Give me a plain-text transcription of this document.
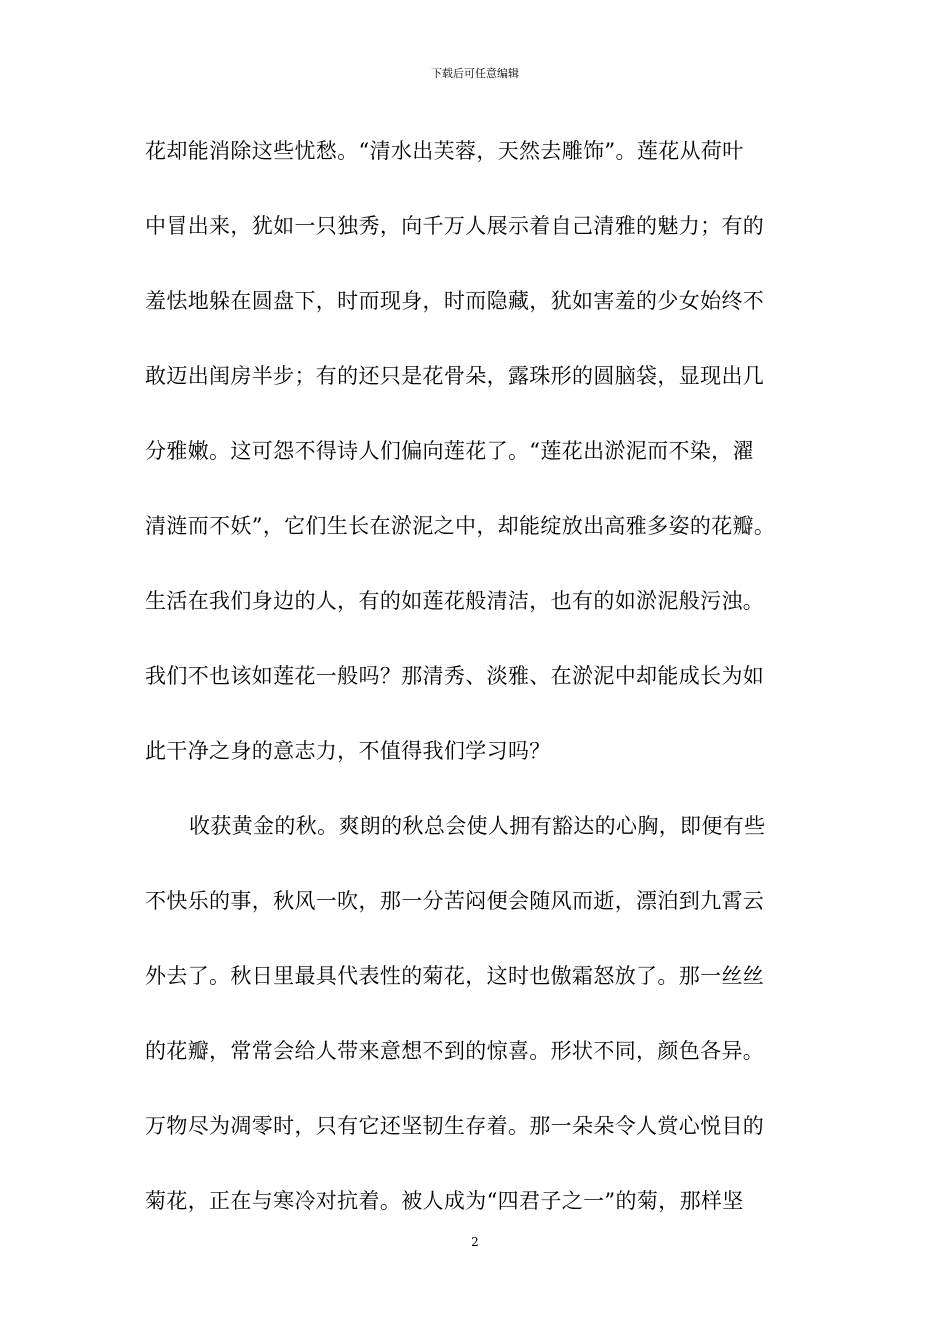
下载后可任意编辑
花却能消除这些忧愁。“清水出芙蓉，天然去雕饰”。莲花从荷叶
中冒出来，犹如一只独秀，向千万人展示着自己清雅的魅力；有的
羞怯地躲在圆盘下，时而现身，时而隐藏，犹如害羞的少女始终不
敢迈出闺房半步；有的还只是花骨朵，露珠形的圆脑袋，显现出几
分雅嫩。这可怨不得诗人们偏向莲花了。“莲花出淤泥而不染，濯
清涟而不妖”，它们生长在淤泥之中，却能绽放出高雅多姿的花瓣。
生活在我们身边的人，有的如莲花般清洁，也有的如淤泥般污浊。
我们不也该如莲花一般吗？那清秀、淡雅、在淤泥中却能成长为如
此干净之身的意志力，不值得我们学习吗？
收获黄金的秋。爽朗的秋总会使人拥有豁达的心胸，即便有些
不快乐的事，秋风一吹，那一分苦闷便会随风而逝，漂泊到九霄云
外去了。秋日里最具代表性的菊花，这时也傲霜怒放了。那一丝丝
的花瓣，常常会给人带来意想不到的惊喜。形状不同，颜色各异。
万物尽为凋零时，只有它还坚韧生存着。那一朵朵令人赏心悦目的
菊花，正在与寒冷对抗着。被人成为“四君子之一”的菊，那样坚
2
